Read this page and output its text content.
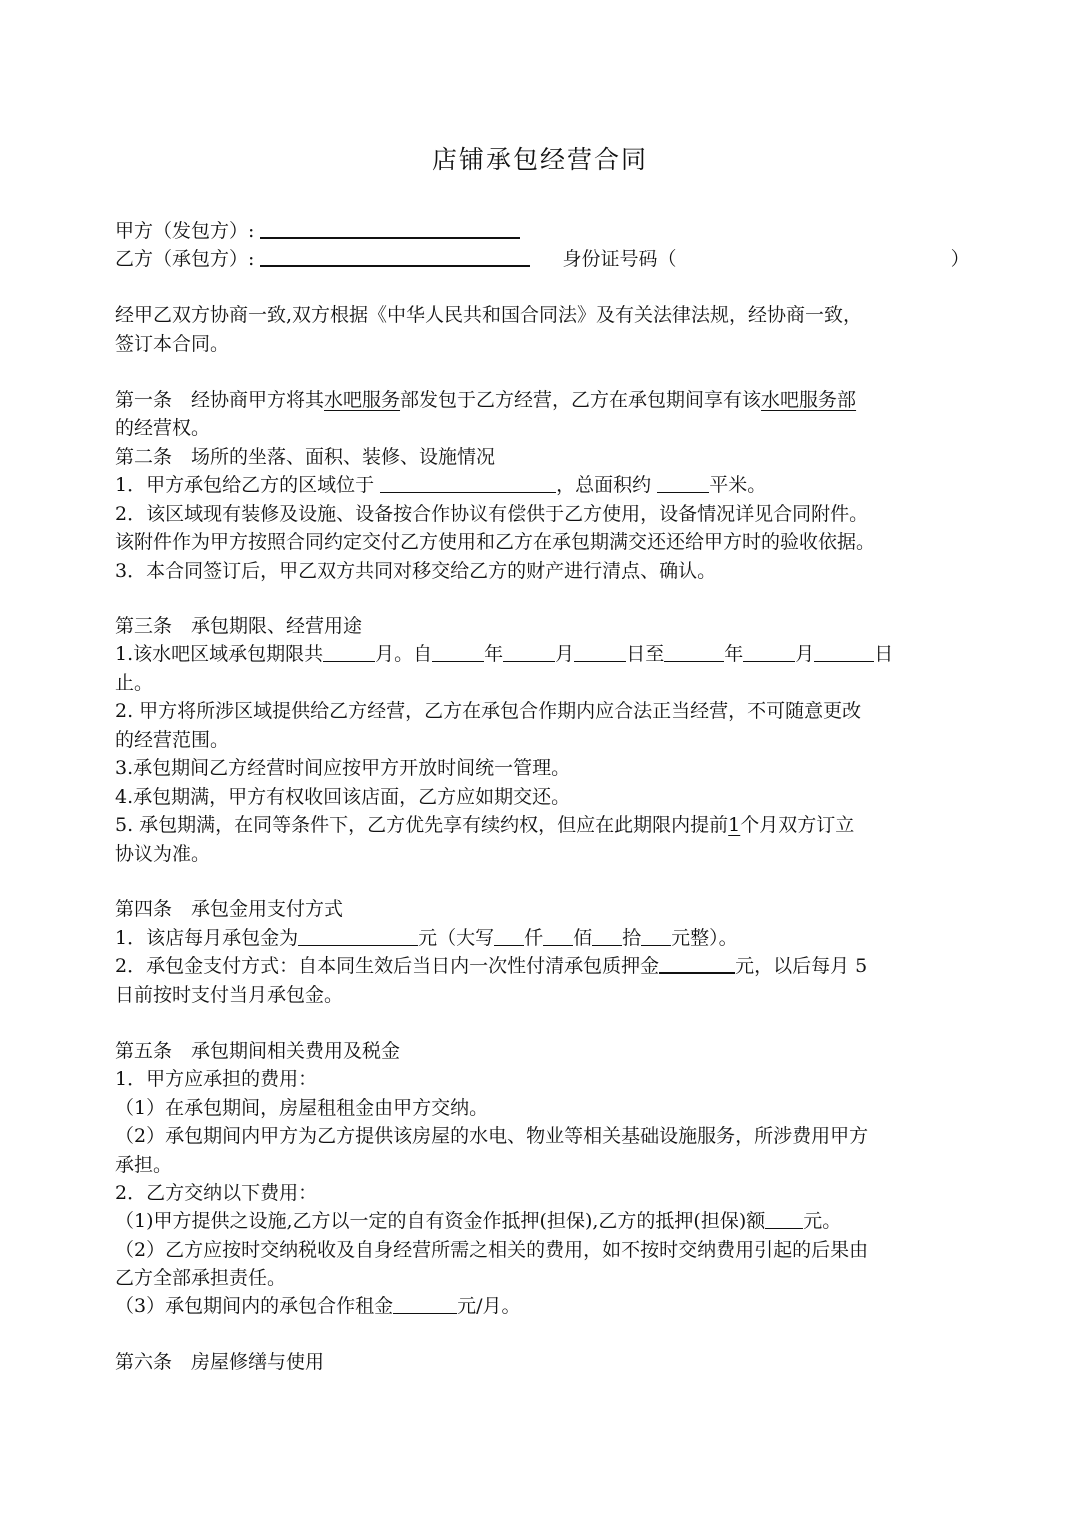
店铺承包经营合同
甲方（发包方）:
乙方（承包方）:	身份证号码（	）
经甲乙双方协商一致,双方根据《中华人民共和国合同法》及有关法律法规，经协商一致，
签订本合同。
第一条　经协商甲方将其水吧服务部发包于乙方经营，乙方在承包期间享有该水吧服务部
的经营权。
第二条　场所的坐落、面积、装修、设施情况
1．甲方承包给乙方的区域位于	，总面积约	平米。
2．该区域现有装修及设施、设备按合作协议有偿供于乙方使用，设备情况详见合同附件。
该附件作为甲方按照合同约定交付乙方使用和乙方在承包期满交还还给甲方时的验收依据。
3．本合同签订后，甲乙双方共同对移交给乙方的财产进行清点、确认。
第三条　承包期限、经营用途
1.该水吧区域承包期限共	月。自	年	月	日至	年	月	日
止。
2. 甲方将所涉区域提供给乙方经营，乙方在承包合作期内应合法正当经营，不可随意更改
的经营范围。
3.承包期间乙方经营时间应按甲方开放时间统一管理。
4.承包期满，甲方有权收回该店面，乙方应如期交还。
5. 承包期满，在同等条件下，乙方优先享有续约权，但应在此期限内提前1个月双方订立
协议为准。
第四条　承包金用支付方式
1．该店每月承包金为	元（大写 仟 佰 拾 元整）。
2．承包金支付方式：自本同生效后当日内一次性付清承包质押金	元，以后每月 5
日前按时支付当月承包金。
第五条　承包期间相关费用及税金
1．甲方应承担的费用：
（1）在承包期间，房屋租租金由甲方交纳。
（2）承包期间内甲方为乙方提供该房屋的水电、物业等相关基础设施服务，所涉费用甲方
承担。
2．乙方交纳以下费用：
（1)甲方提供之设施,乙方以一定的自有资金作抵押(担保),乙方的抵押(担保)额 元。
（2）乙方应按时交纳税收及自身经营所需之相关的费用，如不按时交纳费用引起的后果由
乙方全部承担责任。
（3）承包期间内的承包合作租金	元/月。
第六条　房屋修缮与使用
